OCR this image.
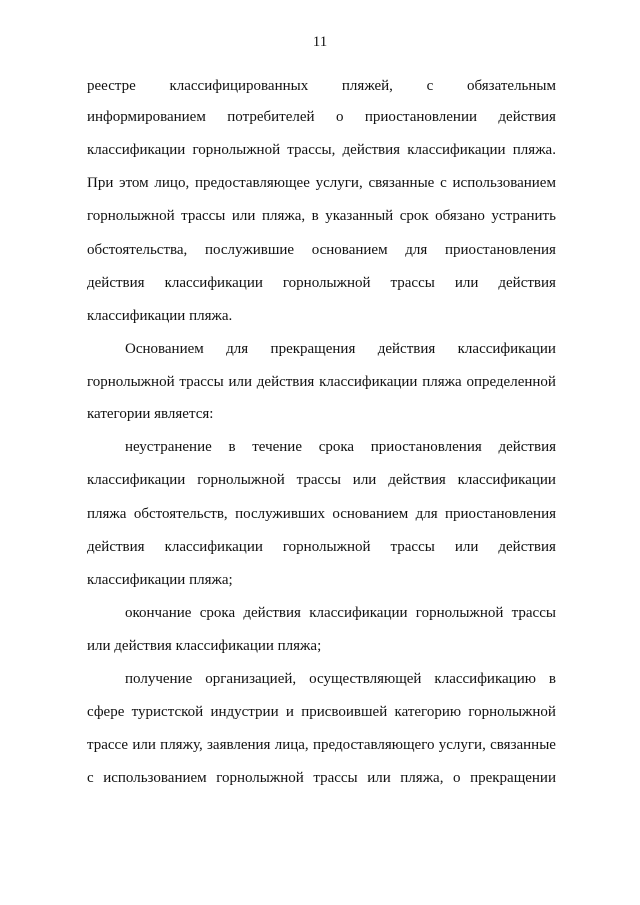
11
реестре классифицированных пляжей, с обязательным
информированием потребителей о приостановлении действия
классификации горнолыжной трассы, действия классификации пляжа.
При этом лицо, предоставляющее услуги, связанные с использованием
горнолыжной трассы или пляжа, в указанный срок обязано устранить
обстоятельства, послужившие основанием для приостановления
действия классификации горнолыжной трассы или действия
классификации пляжа.
Основанием для прекращения действия классификации
горнолыжной трассы или действия классификации пляжа определенной
категории является:
неустранение в течение срока приостановления действия
классификации горнолыжной трассы или действия классификации
пляжа обстоятельств, послуживших основанием для приостановления
действия классификации горнолыжной трассы или действия
классификации пляжа;
окончание срока действия классификации горнолыжной трассы
или действия классификации пляжа;
получение организацией, осуществляющей классификацию в
сфере туристской индустрии и присвоившей категорию горнолыжной
трассе или пляжу, заявления лица, предоставляющего услуги, связанные
с использованием горнолыжной трассы или пляжа, о прекращении
